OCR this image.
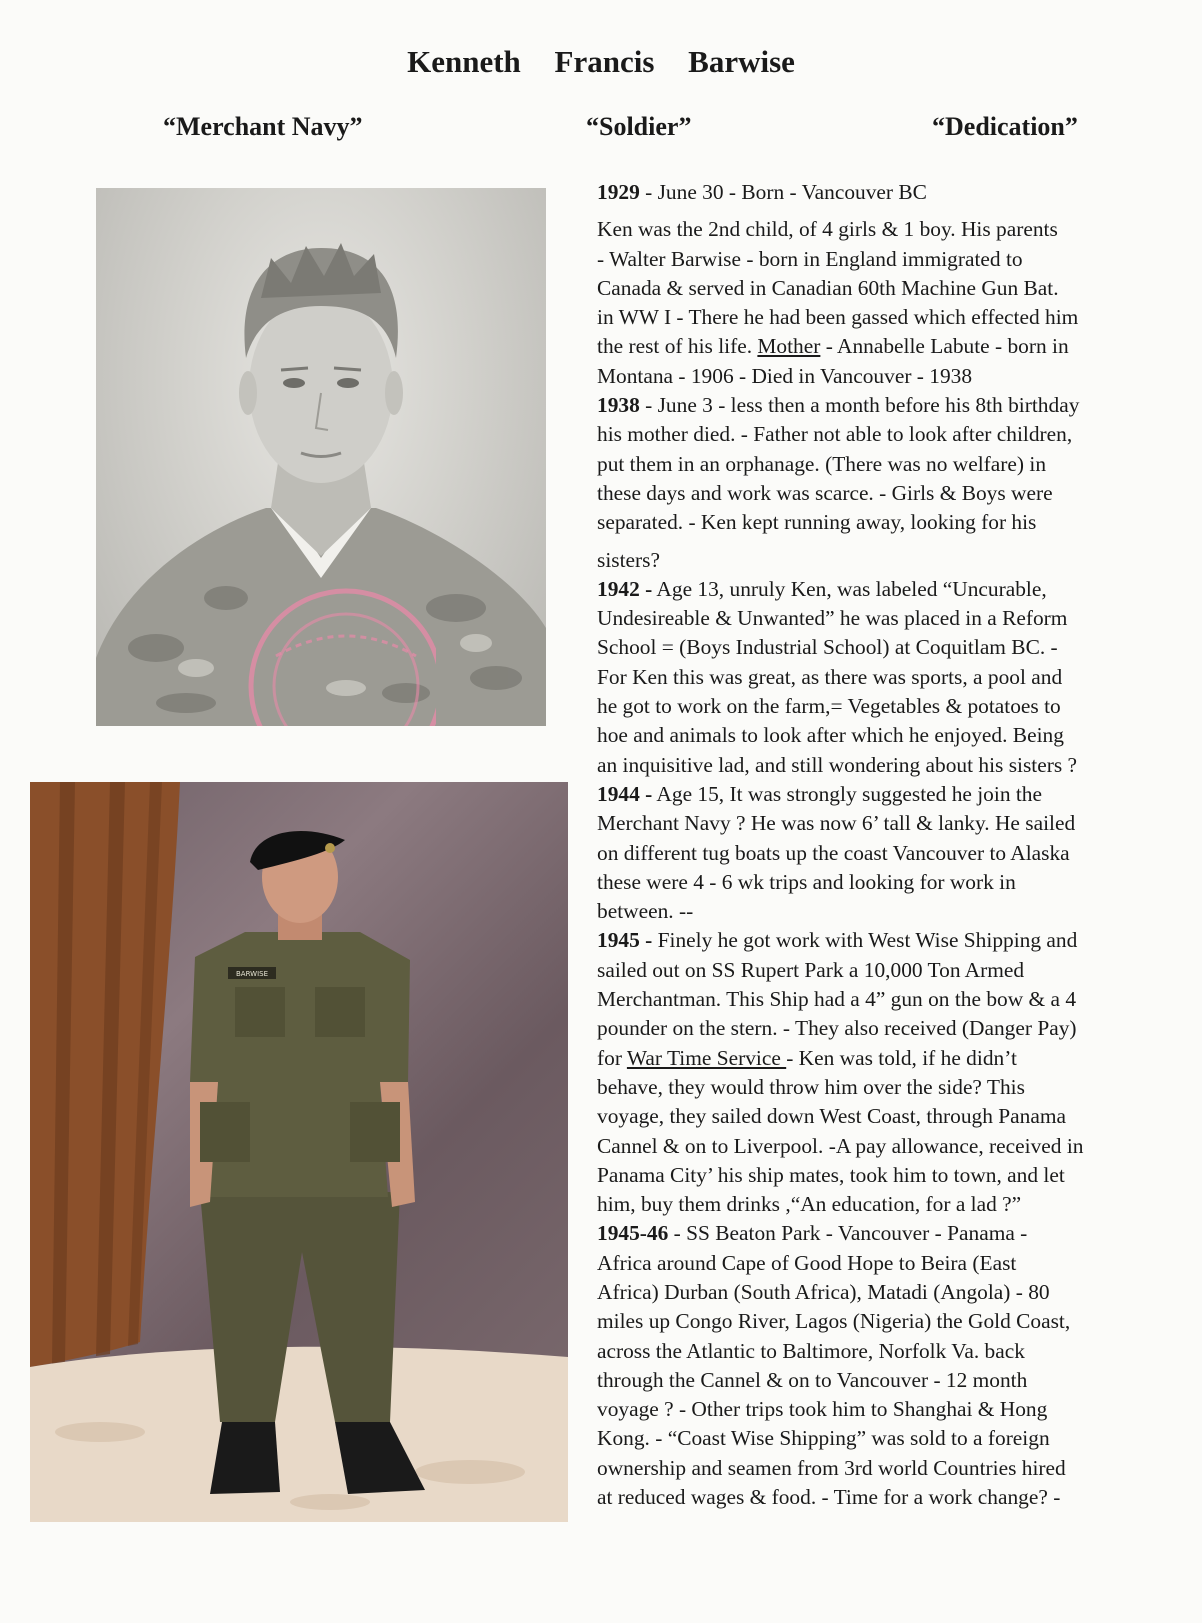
Kenneth Francis Barwise
“Merchant Navy”	“Soldier”	“Dedication”
BARWISE

1929 - June 30 - Born - Vancouver BC

Ken was the 2nd child, of 4 girls & 1 boy. His parents

- Walter Barwise - born in England immigrated to

Canada & served in Canadian 60th Machine Gun Bat.

in WW I - There he had been gassed which effected him

the rest of his life. Mother - Annabelle Labute - born in

Montana - 1906 - Died in Vancouver - 1938

1938 - June 3 - less then a month before his 8th birthday

his mother died. - Father not able to look after children,

put them in an orphanage. (There was no welfare) in

these days and work was scarce. - Girls & Boys were

separated. - Ken kept running away, looking for his

sisters?

1942 - Age 13, unruly Ken, was labeled “Uncurable,

Undesireable & Unwanted” he was placed in a Reform

School = (Boys Industrial School) at Coquitlam BC. -

For Ken this was great, as there was sports, a pool and

he got to work on the farm,= Vegetables & potatoes to

hoe and animals to look after which he enjoyed. Being

an inquisitive lad, and still wondering about his sisters ?

1944 - Age 15, It was strongly suggested he join the

Merchant Navy ? He was now 6’ tall & lanky. He sailed

on different tug boats up the coast Vancouver to Alaska

these were 4 - 6 wk trips and looking for work in

between. --

1945 - Finely he got work with West Wise Shipping and

sailed out on SS Rupert Park a 10,000 Ton Armed

Merchantman. This Ship had a 4” gun on the bow & a 4

pounder on the stern. - They also received (Danger Pay)

for War Time Service - Ken was told, if he didn’t

behave, they would throw him over the side? This

voyage, they sailed down West Coast, through Panama

Cannel & on to Liverpool. -A pay allowance, received in

Panama City’ his ship mates, took him to town, and let

him, buy them drinks ,“An education, for a lad ?”

1945-46 - SS Beaton Park - Vancouver - Panama -

Africa around Cape of Good Hope to Beira (East

Africa) Durban (South Africa), Matadi (Angola) - 80

miles up Congo River, Lagos (Nigeria) the Gold Coast,

across the Atlantic to Baltimore, Norfolk Va. back

through the Cannel & on to Vancouver - 12 month

voyage ? - Other trips took him to Shanghai & Hong

Kong. - “Coast Wise Shipping” was sold to a foreign

ownership and seamen from 3rd world Countries hired

at reduced wages & food. - Time for a work change? -
